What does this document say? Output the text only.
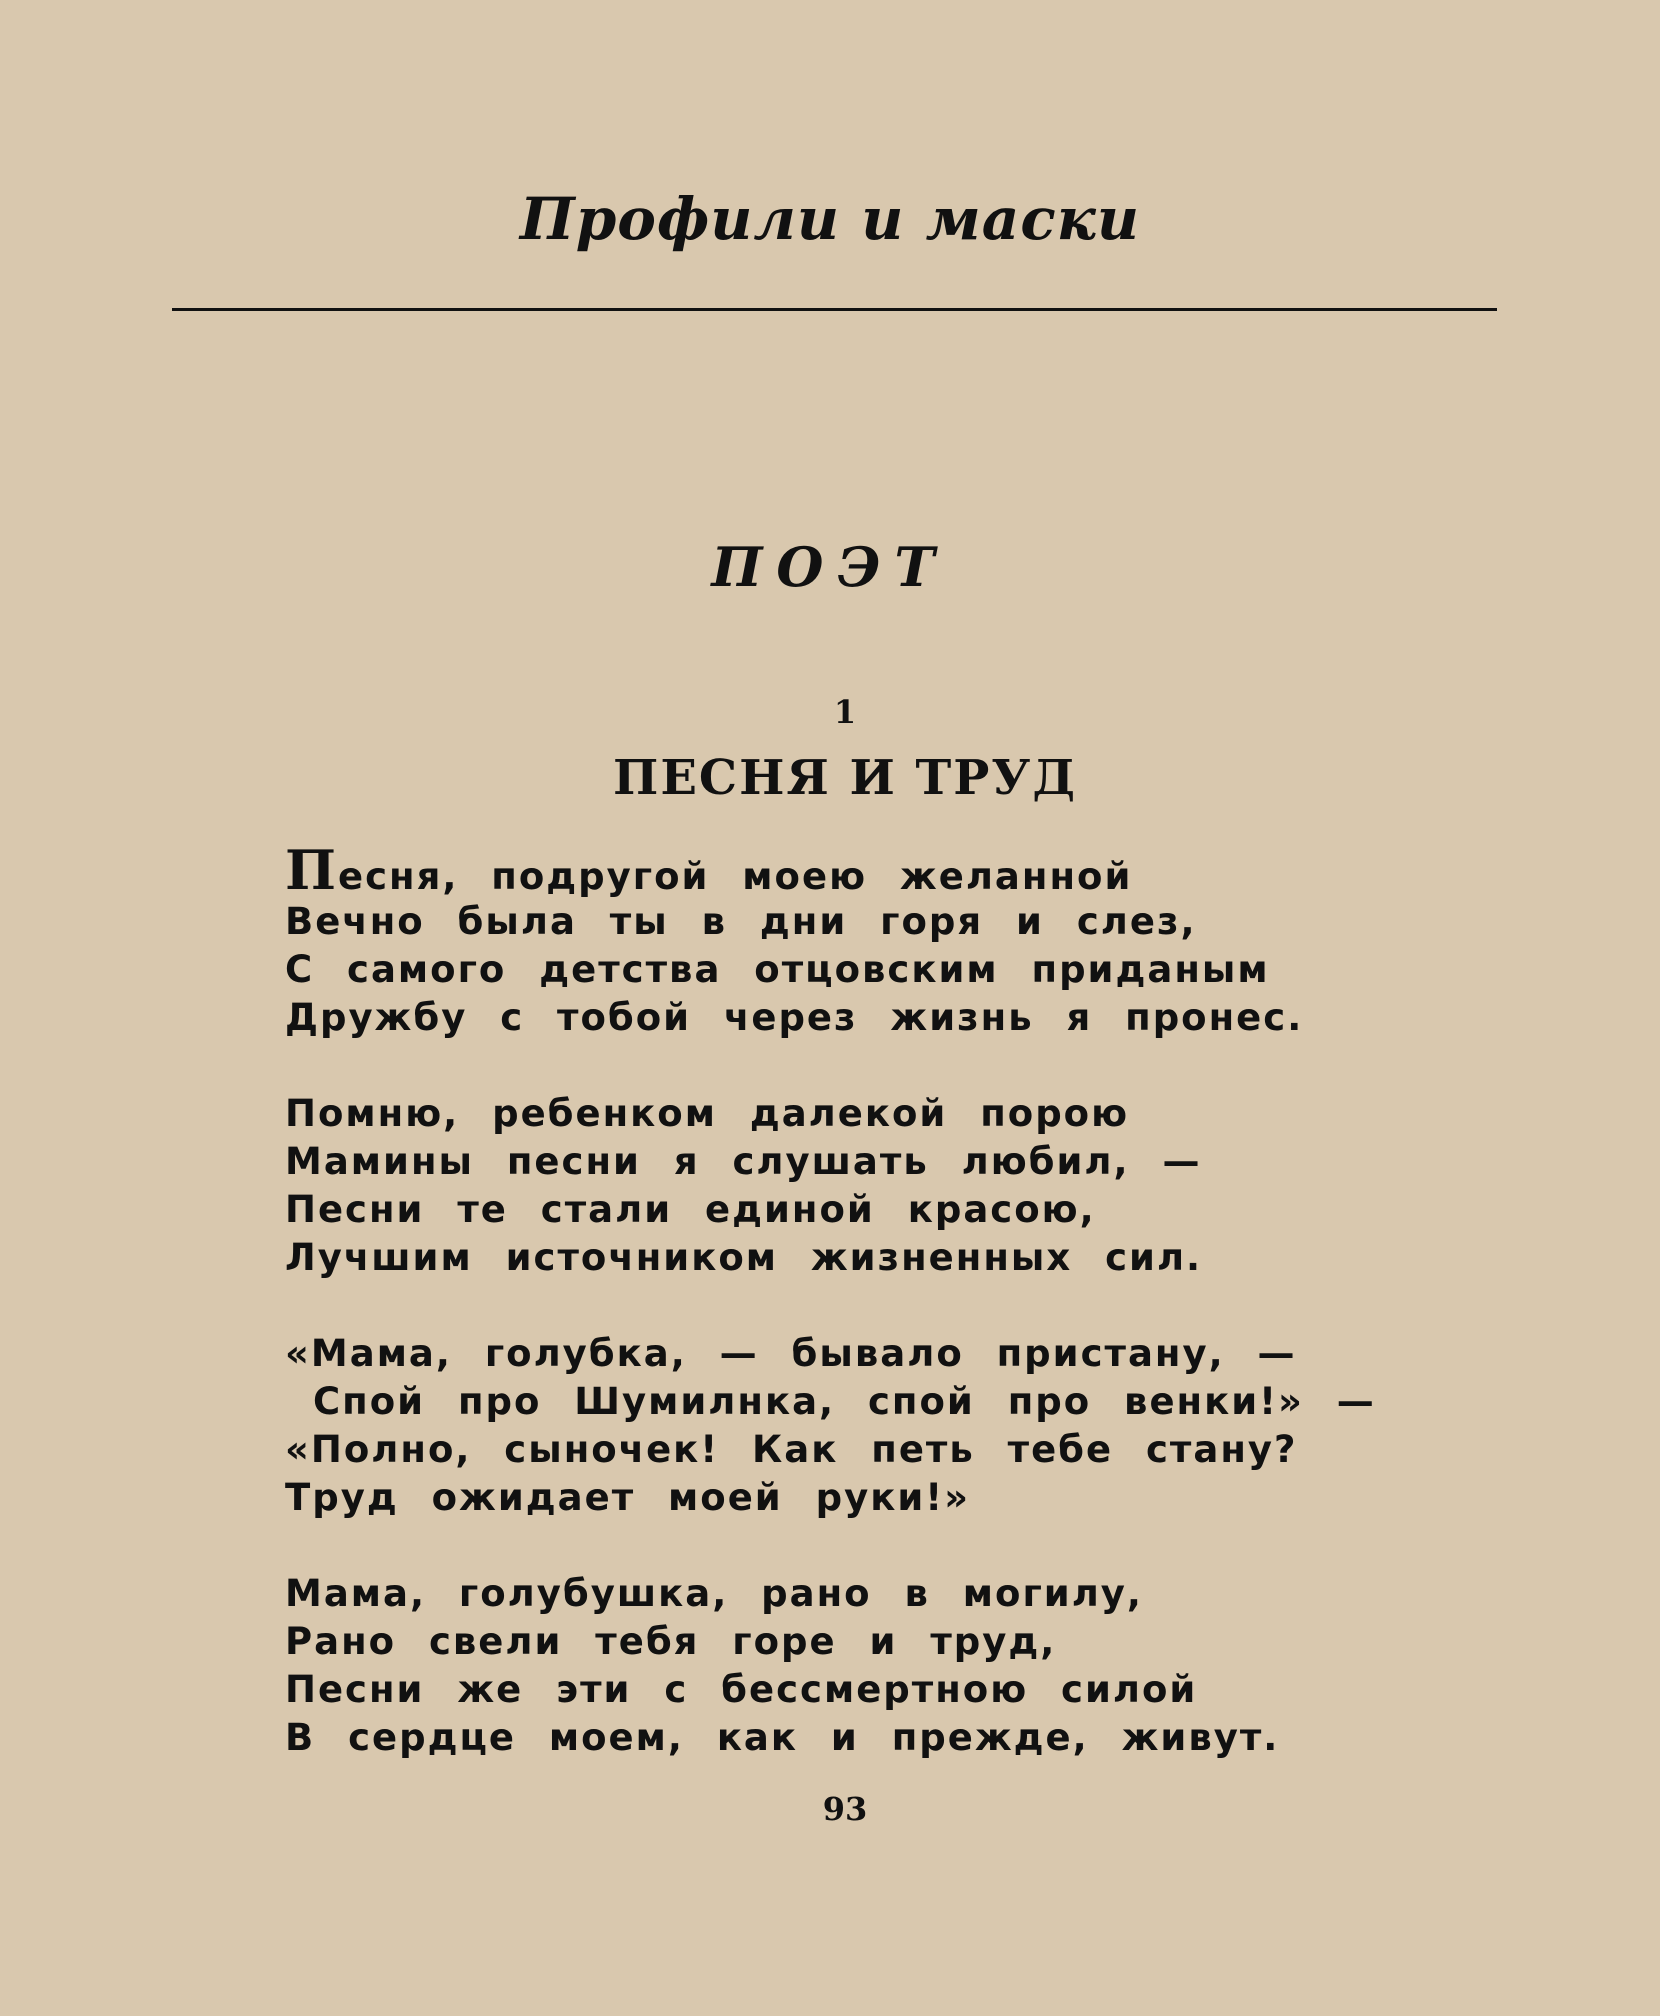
Профили и маски
ПОЭТ
1
ПЕСНЯ И ТРУД
Песня, подругой моею желанной
Вечно была ты в дни горя и слез,
С самого детства отцовским приданым
Дружбу с тобой через жизнь я пронес.
Помню, ребенком далекой порою
Мамины песни я слушать любил, —
Песни те стали единой красою,
Лучшим источником жизненных сил.
«Мама, голубка, — бывало пристану, —
Спой про Шумилнка, спой про венки!» —
«Полно, сыночек! Как петь тебе стану?
Труд ожидает моей руки!»
Мама, голубушка, рано в могилу,
Рано свели тебя горе и труд,
Песни же эти с бессмертною силой
В сердце моем, как и прежде, живут.
93
